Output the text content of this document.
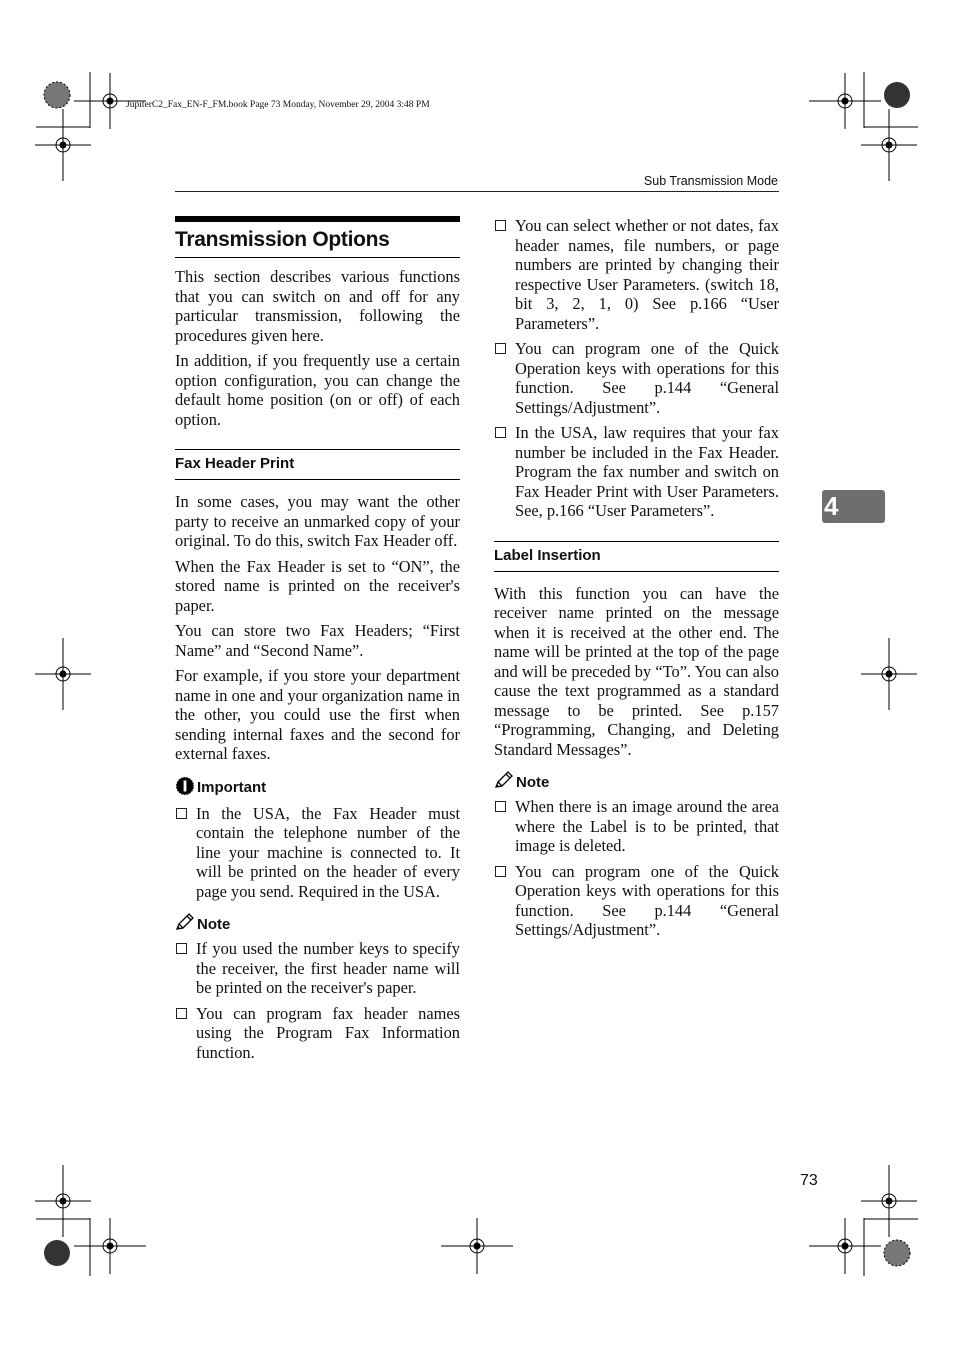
JupiterC2_Fax_EN-F_FM.book Page 73 Monday, November 29, 2004 3:48 PM
Sub Transmission Mode
Transmission Options

This section describes various functions that you can switch on and off for any particular transmission, following the procedures given here.

In addition, if you frequently use a certain option configuration, you can change the default home position (on or off) of each option.

Fax Header Print

In some cases, you may want the other party to receive an unmarked copy of your original. To do this, switch Fax Header off.

When the Fax Header is set to “ON”, the stored name is printed on the receiver's paper.

You can store two Fax Headers; “First Name” and “Second Name”.

For example, if you store your department name in one and your organization name in the other, you could use the first when sending internal faxes and the second for external faxes.

Important
In the USA, the Fax Header must contain the telephone number of the line your machine is connected to. It will be printed on the header of every page you send. Required in the USA.
Note
If you used the number keys to specify the receiver, the first header name will be printed on the receiver's paper.
You can program fax header names using the Program Fax Information function.
You can select whether or not dates, fax header names, file numbers, or page numbers are printed by changing their respective User Parameters. (switch 18, bit 3, 2, 1, 0) See p.166 “User Parameters”.
You can program one of the Quick Operation keys with operations for this function. See p.144 “General Settings/Adjustment”.
In the USA, law requires that your fax number be included in the Fax Header. Program the fax number and switch on Fax Header Print with User Parameters. See, p.166 “User Parameters”.
Label Insertion

With this function you can have the receiver name printed on the message when it is received at the other end. The name will be printed at the top of the page and will be preceded by “To”. You can also cause the text programmed as a standard message to be printed. See p.157 “Programming, Changing, and Deleting Standard Messages”.

Note
When there is an image around the area where the Label is to be printed, that image is deleted.
You can program one of the Quick Operation keys with operations for this function. See p.144 “General Settings/Adjustment”.
4
73
